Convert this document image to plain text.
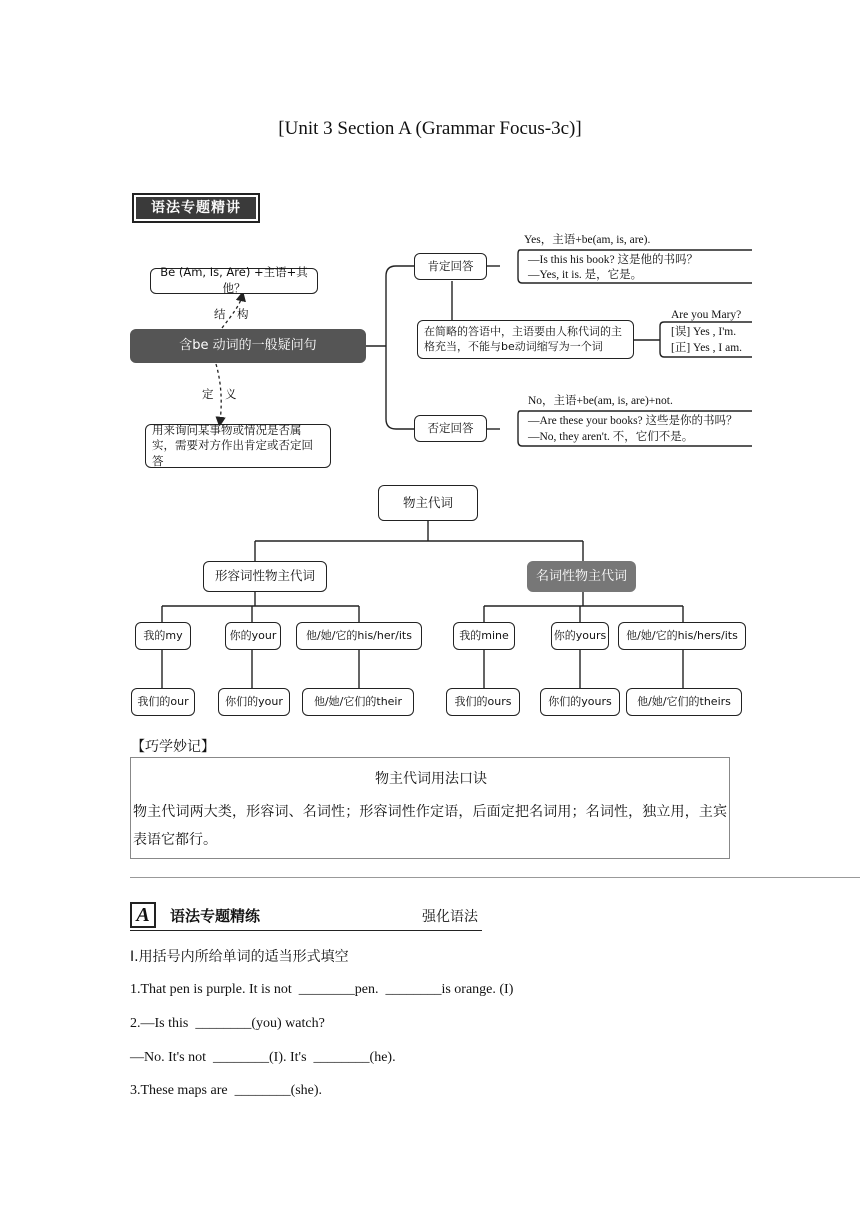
[Unit 3 Section A (Grammar Focus-3c)]
语法专题精讲
Be (Am, Is, Are) +主语+其他？
结　构
含be 动词的一般疑问句
定　义
用来询问某事物或情况是否属实，需要对方作出肯定或否定回答
肯定回答
Yes，主语+be(am, is, are).
—Is this his book? 这是他的书吗？
—Yes, it is. 是，它是。
在简略的答语中，主语要由人称代词的主格充当，不能与be动词缩写为一个词
Are you Mary?
[误] Yes , I'm.
[正] Yes , I am.
否定回答
No，主语+be(am, is, are)+not.
—Are these your books? 这些是你的书吗？
—No, they aren't. 不，它们不是。
物主代词
形容词性物主代词	名词性物主代词
我的my	你的your	他/她/它的his/her/its	我的mine	你的yours	他/她/它的his/hers/its
我们的our	你们的your	他/她/它们的their	我们的ours	你们的yours	他/她/它们的theirs
【巧学妙记】
物主代词用法口诀
物主代词两大类，形容词、名词性；形容词性作定语，后面定把名词用；名词性，独立用，主宾表语它都行。
A	语法专题精练	强化语法
I.用括号内所给单词的适当形式填空
1.That pen is purple. It is not  ________pen.  ________is orange. (I)
2.—Is this  ________(you) watch?
—No. It's not  ________(I). It's  ________(he).
3.These maps are  ________(she).
